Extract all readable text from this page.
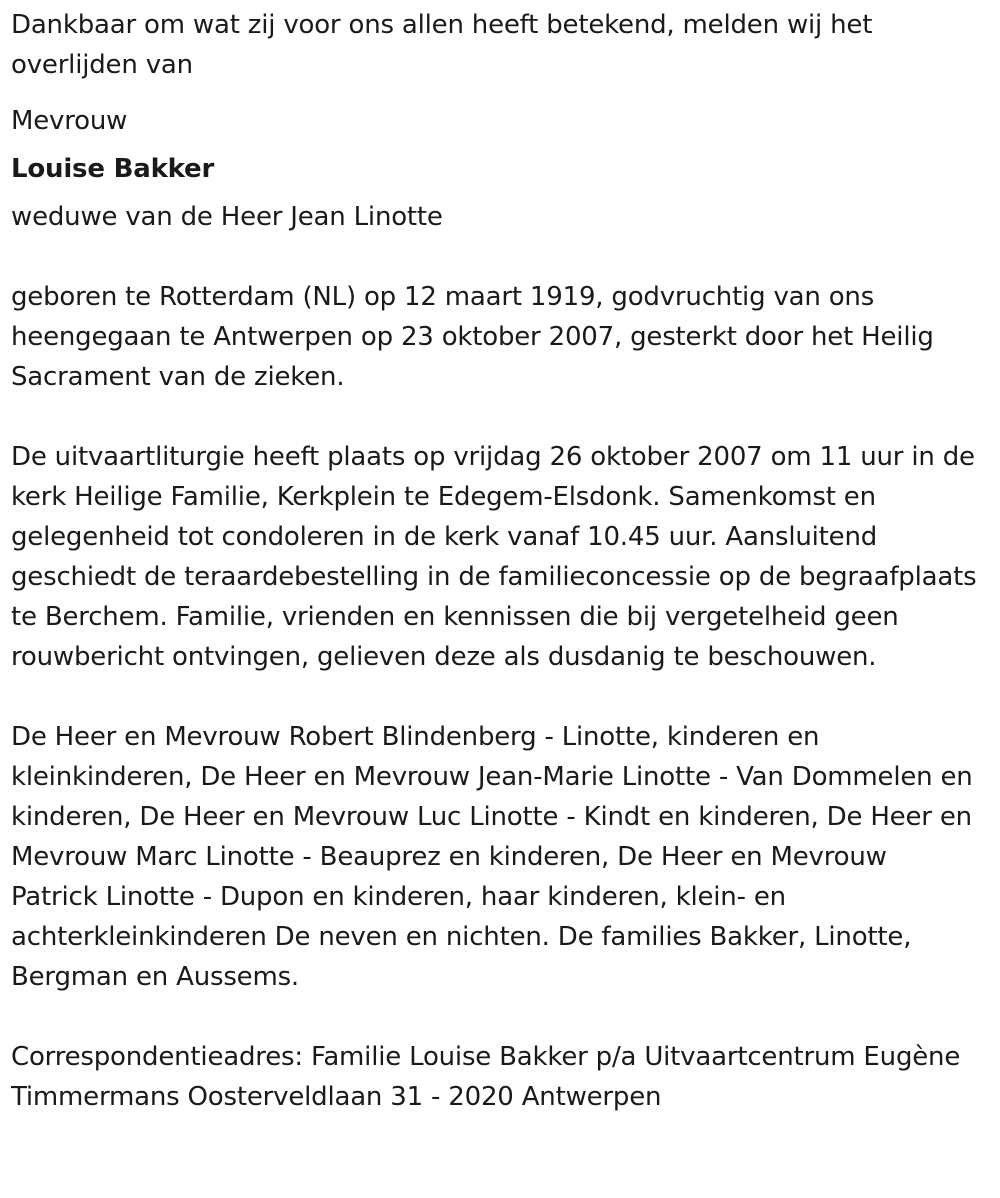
Dankbaar om wat zij voor ons allen heeft betekend, melden wij het overlijden van

Mevrouw

Louise Bakker

weduwe van de Heer Jean Linotte

geboren te Rotterdam (NL) op 12 maart 1919, godvruchtig van ons heengegaan te Antwerpen op 23 oktober 2007, gesterkt door het Heilig Sacrament van de zieken.

De uitvaartliturgie heeft plaats op vrijdag 26 oktober 2007 om 11 uur in de kerk Heilige Familie, Kerkplein te Edegem-Elsdonk. Samenkomst en gelegenheid tot condoleren in de kerk vanaf 10.45 uur. Aansluitend geschiedt de teraardebestelling in de familieconcessie op de begraafplaats te Berchem. Familie, vrienden en kennissen die bij vergetelheid geen rouwbericht ontvingen, gelieven deze als dusdanig te beschouwen.

De Heer en Mevrouw Robert Blindenberg - Linotte, kinderen en kleinkinderen, De Heer en Mevrouw Jean-Marie Linotte - Van Dommelen en kinderen, De Heer en Mevrouw Luc Linotte - Kindt en kinderen, De Heer en Mevrouw Marc Linotte - Beauprez en kinderen, De Heer en Mevrouw Patrick Linotte - Dupon en kinderen, haar kinderen, klein- en achterkleinkinderen De neven en nichten. De families Bakker, Linotte, Bergman en Aussems.

Correspondentieadres: Familie Louise Bakker p/a Uitvaartcentrum Eugène Timmermans Oosterveldlaan 31 - 2020 Antwerpen
